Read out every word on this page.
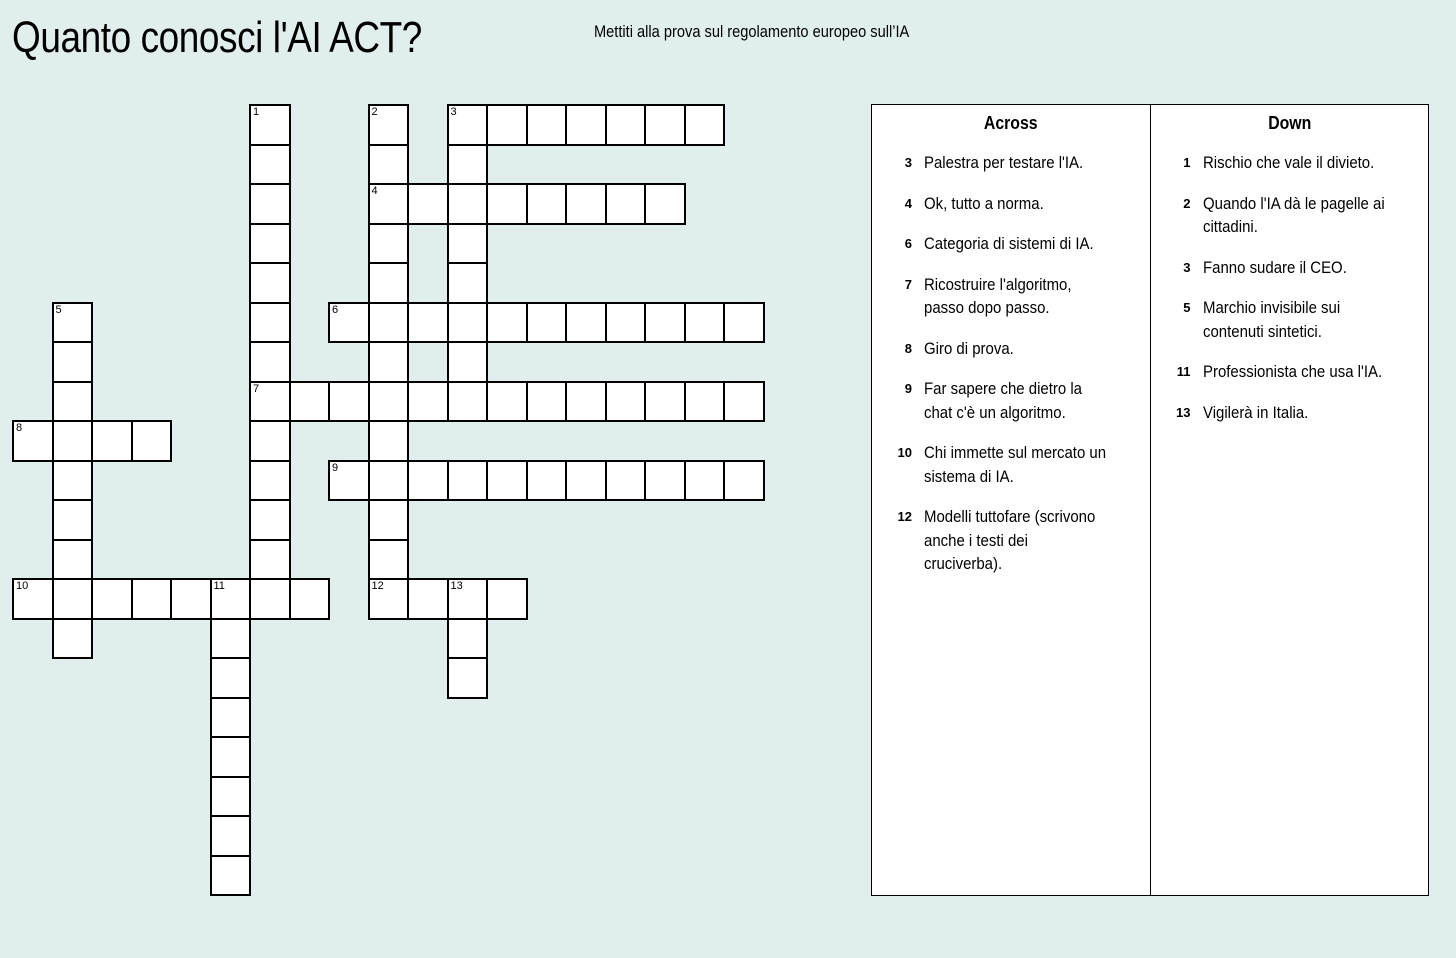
Quanto conosci l'AI ACT?	Mettiti alla prova sul regolamento europeo sull’IA
1
7
2
4
12
3
5	6
8
9
10	11	13
Across
3 Palestra per testare l'IA.
4 Ok, tutto a norma.
6 Categoria di sistemi di IA.
7 Ricostruire l'algoritmo, passo dopo passo.
8 Giro di prova.
9 Far sapere che dietro la chat c'è un algoritmo.
10 Chi immette sul mercato un sistema di IA.
12 Modelli tuttofare (scrivono anche i testi dei cruciverba).
Down
1 Rischio che vale il divieto.
2 Quando l'IA dà le pagelle ai cittadini.
3 Fanno sudare il CEO.
5 Marchio invisibile sui contenuti sintetici.
11 Professionista che usa l'IA.
13 Vigilerà in Italia.
